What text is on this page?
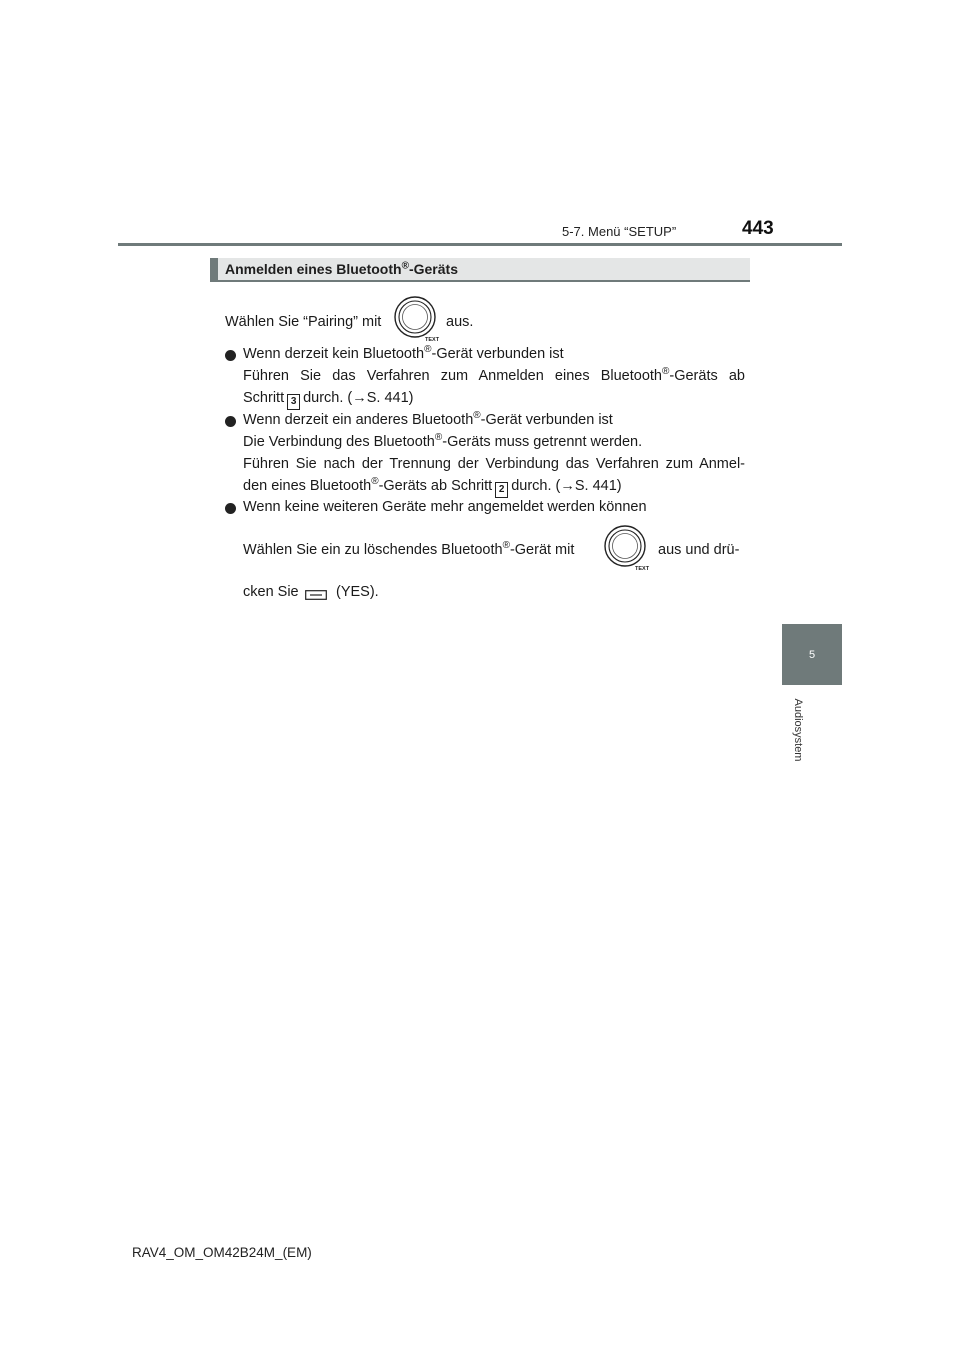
5-7. Menü “SETUP”	443
5
Audiosystem
Anmelden eines Bluetooth®-Geräts
Wählen Sie “Pairing” mit
TEXT
aus.
Wenn derzeit kein Bluetooth®-Gerät verbunden ist
Führen Sie das Verfahren zum Anmelden eines Bluetooth®-Geräts ab
Schritt 3 durch. (→S. 441)
Wenn derzeit ein anderes Bluetooth®-Gerät verbunden ist
Die Verbindung des Bluetooth®-Geräts muss getrennt werden.
Führen Sie nach der Trennung der Verbindung das Verfahren zum Anmel-
den eines Bluetooth®-Geräts ab Schritt 2 durch. (→S. 441)
Wenn keine weiteren Geräte mehr angemeldet werden können
Wählen Sie ein zu löschendes Bluetooth®-Gerät mit
TEXT
aus und drü-
cken Sie	(YES).
RAV4_OM_OM42B24M_(EM)
